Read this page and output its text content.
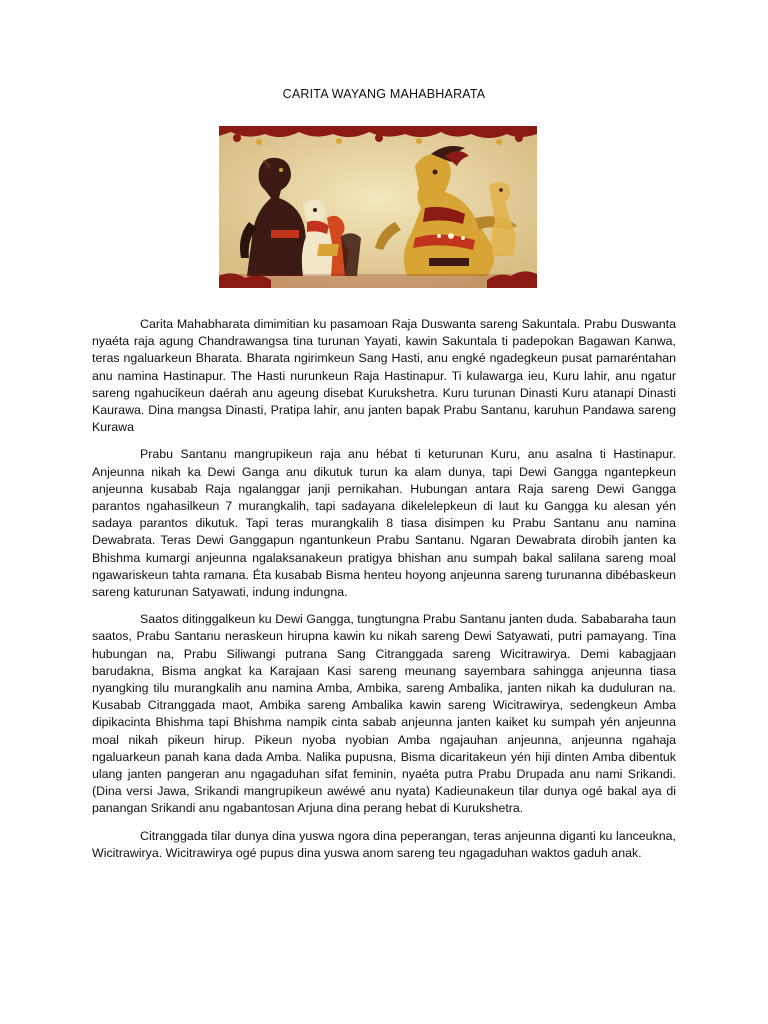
CARITA WAYANG MAHABHARATA

Carita Mahabharata dimimitian ku pasamoan Raja Duswanta sareng Sakuntala. Prabu Duswanta nyaéta raja agung Chandrawangsa tina turunan Yayati, kawin Sakuntala ti padepokan Bagawan Kanwa, teras ngaluarkeun Bharata. Bharata ngirimkeun Sang Hasti, anu engké ngadegkeun pusat pamaréntahan anu namina Hastinapur. The Hasti nurunkeun Raja Hastinapur. Ti kulawarga ieu, Kuru lahir, anu ngatur sareng ngahucikeun daérah anu ageung disebat Kurukshetra. Kuru turunan Dinasti Kuru atanapi Dinasti Kaurawa. Dina mangsa Dinasti, Pratipa lahir, anu janten bapak Prabu Santanu, karuhun Pandawa sareng Kurawa

Prabu Santanu mangrupikeun raja anu hébat ti keturunan Kuru, anu asalna ti Hastinapur. Anjeunna nikah ka Dewi Ganga anu dikutuk turun ka alam dunya, tapi Dewi Gangga ngantepkeun anjeunna kusabab Raja ngalanggar janji pernikahan. Hubungan antara Raja sareng Dewi Gangga parantos ngahasilkeun 7 murangkalih, tapi sadayana dikelelepkeun di laut ku Gangga ku alesan yén sadaya parantos dikutuk. Tapi teras murangkalih 8 tiasa disimpen ku Prabu Santanu anu namina Dewabrata. Teras Dewi Ganggapun ngantunkeun Prabu Santanu. Ngaran Dewabrata dirobih janten ka Bhishma kumargi anjeunna ngalaksanakeun pratigya bhishan anu sumpah bakal salilana sareng moal ngawariskeun tahta ramana. Éta kusabab Bisma henteu hoyong anjeunna sareng turunanna dibébaskeun sareng katurunan Satyawati, indung indungna.

Saatos ditinggalkeun ku Dewi Gangga, tungtungna Prabu Santanu janten duda. Sababaraha taun saatos, Prabu Santanu neraskeun hirupna kawin ku nikah sareng Dewi Satyawati, putri pamayang. Tina hubungan na, Prabu Siliwangi putrana Sang Citranggada sareng Wicitrawirya. Demi kabagjaan barudakna, Bisma angkat ka Karajaan Kasi sareng meunang sayembara sahingga anjeunna tiasa nyangking tilu murangkalih anu namina Amba, Ambika, sareng Ambalika, janten nikah ka duduluran na. Kusabab Citranggada maot, Ambika sareng Ambalika kawin sareng Wicitrawirya, sedengkeun Amba dipikacinta Bhishma tapi Bhishma nampik cinta sabab anjeunna janten kaiket ku sumpah yén anjeunna moal nikah pikeun hirup. Pikeun nyoba nyobian Amba ngajauhan anjeunna, anjeunna ngahaja ngaluarkeun panah kana dada Amba. Nalika pupusna, Bisma dicaritakeun yén hiji dinten Amba dibentuk ulang janten pangeran anu ngagaduhan sifat feminin, nyaéta putra Prabu Drupada anu nami Srikandi. (Dina versi Jawa, Srikandi mangrupikeun awéwé anu nyata) Kadieunakeun tilar dunya ogé bakal aya di panangan Srikandi anu ngabantosan Arjuna dina perang hebat di Kurukshetra.

Citranggada tilar dunya dina yuswa ngora dina peperangan, teras anjeunna diganti ku lanceukna, Wicitrawirya. Wicitrawirya ogé pupus dina yuswa anom sareng teu ngagaduhan waktos gaduh anak.
